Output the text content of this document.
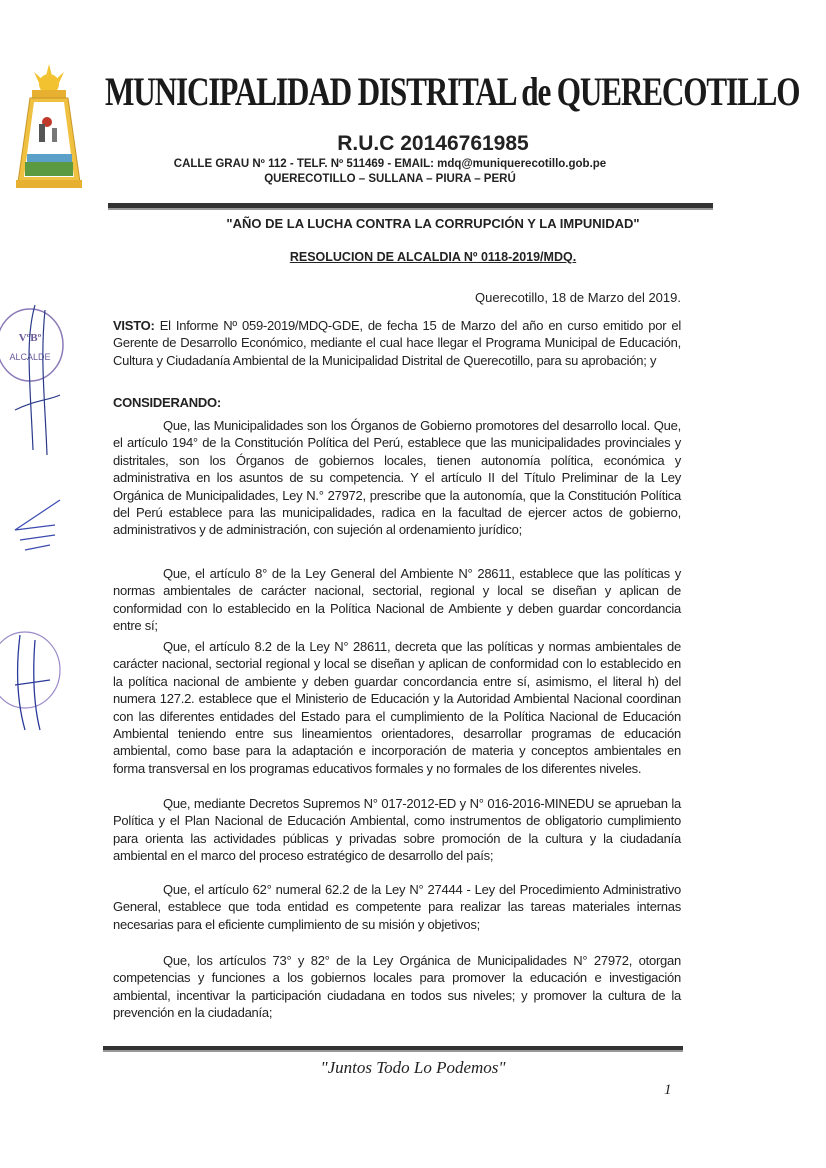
MUNICIPALIDAD DISTRITAL de QUERECOTILLO
R.U.C 20146761985
CALLE GRAU Nº 112 - TELF. Nº 511469 - EMAIL: mdq@muniquerecotillo.gob.pe
QUERECOTILLO – SULLANA – PIURA – PERÚ
"AÑO DE LA LUCHA CONTRA LA CORRUPCIÓN Y LA IMPUNIDAD"
RESOLUCION DE ALCALDIA Nº 0118-2019/MDQ.
Querecotillo, 18 de Marzo del 2019.
VºBº
ALCALDE
VISTO: El Informe Nº 059-2019/MDQ-GDE, de fecha 15 de Marzo del año en curso emitido por el Gerente de Desarrollo Económico, mediante el cual hace llegar el Programa Municipal de Educación, Cultura y Ciudadanía Ambiental de la Municipalidad Distrital de Querecotillo, para su aprobación; y
CONSIDERANDO:
Que, las Municipalidades son los Órganos de Gobierno promotores del desarrollo local. Que, el artículo 194° de la Constitución Política del Perú, establece que las municipalidades provinciales y distritales, son los Órganos de gobiernos locales, tienen autonomía política, económica y administrativa en los asuntos de su competencia. Y el artículo II del Título Preliminar de la Ley Orgánica de Municipalidades, Ley N.° 27972, prescribe que la autonomía, que la Constitución Política del Perú establece para las municipalidades, radica en la facultad de ejercer actos de gobierno, administrativos y de administración, con sujeción al ordenamiento jurídico;
Que, el artículo 8° de la Ley General del Ambiente N° 28611, establece que las políticas y normas ambientales de carácter nacional, sectorial, regional y local se diseñan y aplican de conformidad con lo establecido en la Política Nacional de Ambiente y deben guardar concordancia entre sí;
Que, el artículo 8.2 de la Ley N° 28611, decreta que las políticas y normas ambientales de carácter nacional, sectorial regional y local se diseñan y aplican de conformidad con lo establecido en la política nacional de ambiente y deben guardar concordancia entre sí, asimismo, el literal h) del numera 127.2. establece que el Ministerio de Educación y la Autoridad Ambiental Nacional coordinan con las diferentes entidades del Estado para el cumplimiento de la Política Nacional de Educación Ambiental teniendo entre sus lineamientos orientadores, desarrollar programas de educación ambiental, como base para la adaptación e incorporación de materia y conceptos ambientales en forma transversal en los programas educativos formales y no formales de los diferentes niveles.
Que, mediante Decretos Supremos N° 017-2012-ED y N° 016-2016-MINEDU se aprueban la Política y el Plan Nacional de Educación Ambiental, como instrumentos de obligatorio cumplimiento para orienta las actividades públicas y privadas sobre promoción de la cultura y la ciudadanía ambiental en el marco del proceso estratégico de desarrollo del país;
Que, el artículo 62° numeral 62.2 de la Ley N° 27444 - Ley del Procedimiento Administrativo General, establece que toda entidad es competente para realizar las tareas materiales internas necesarias para el eficiente cumplimiento de su misión y objetivos;
Que, los artículos 73° y 82° de la Ley Orgánica de Municipalidades N° 27972, otorgan competencias y funciones a los gobiernos locales para promover la educación e investigación ambiental, incentivar la participación ciudadana en todos sus niveles; y promover la cultura de la prevención en la ciudadanía;
"Juntos Todo Lo Podemos"
1
